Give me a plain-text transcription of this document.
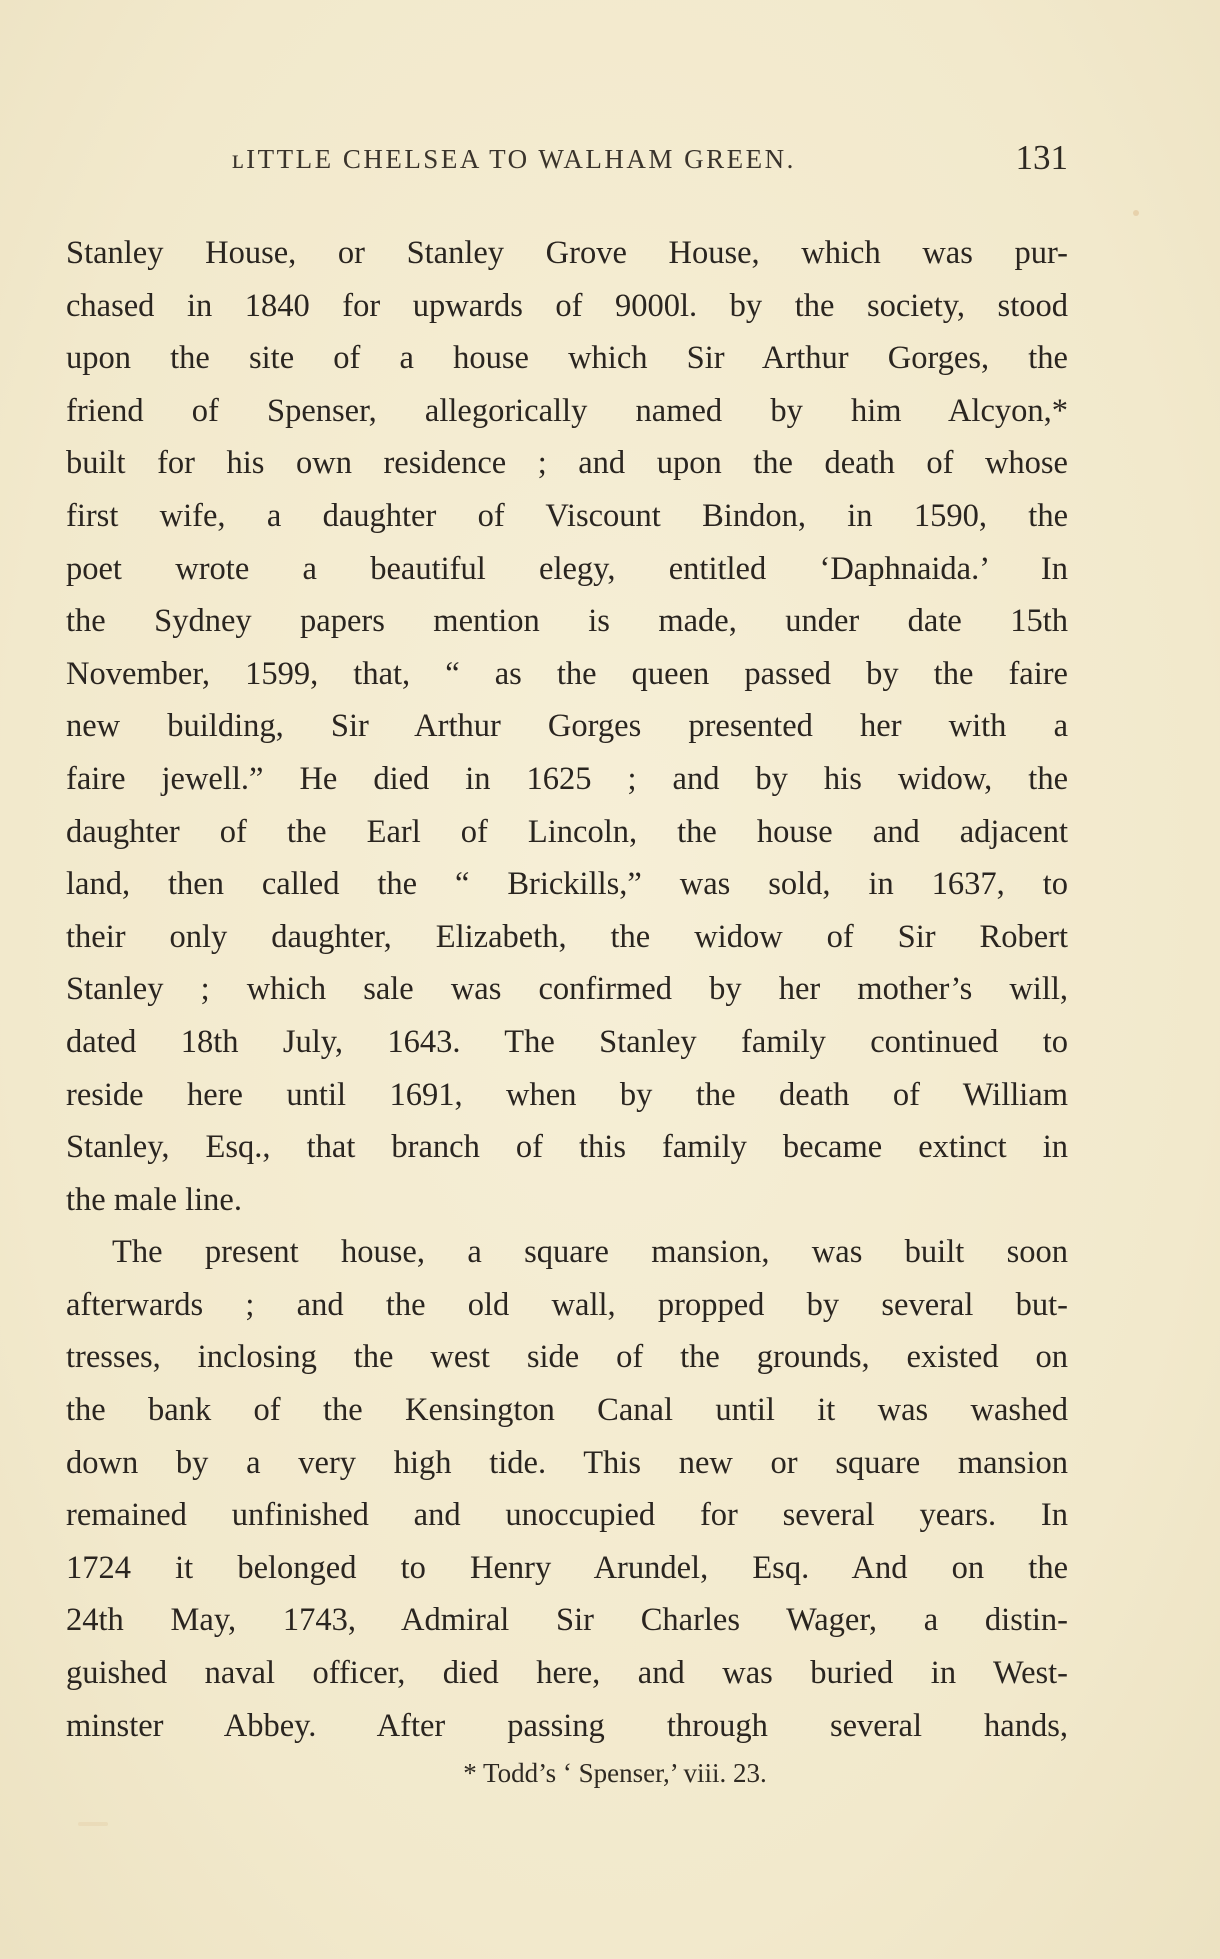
ʟITTLE CHELSEA TO WALHAM GREEN.	131
Stanley House, or Stanley Grove House, which was pur-
chased in 1840 for upwards of 9000l. by the society, stood
upon the site of a house which Sir Arthur Gorges, the
friend of Spenser, allegorically named by him Alcyon,*
built for his own residence ; and upon the death of whose
first wife, a daughter of Viscount Bindon, in 1590, the
poet wrote a beautiful elegy, entitled ‘Daphnaida.’ In
the Sydney papers mention is made, under date 15th
November, 1599, that, “ as the queen passed by the faire
new building, Sir Arthur Gorges presented her with a
faire jewell.” He died in 1625 ; and by his widow, the
daughter of the Earl of Lincoln, the house and adjacent
land, then called the “ Brickills,” was sold, in 1637, to
their only daughter, Elizabeth, the widow of Sir Robert
Stanley ; which sale was confirmed by her mother’s will,
dated 18th July, 1643. The Stanley family continued to
reside here until 1691, when by the death of William
Stanley, Esq., that branch of this family became extinct in
the male line.
The present house, a square mansion, was built soon
afterwards ; and the old wall, propped by several but-
tresses, inclosing the west side of the grounds, existed on
the bank of the Kensington Canal until it was washed
down by a very high tide. This new or square mansion
remained unfinished and unoccupied for several years. In
1724 it belonged to Henry Arundel, Esq. And on the
24th May, 1743, Admiral Sir Charles Wager, a distin-
guished naval officer, died here, and was buried in West-
minster Abbey. After passing through several hands,
* Todd’s ‘ Spenser,’ viii. 23.
